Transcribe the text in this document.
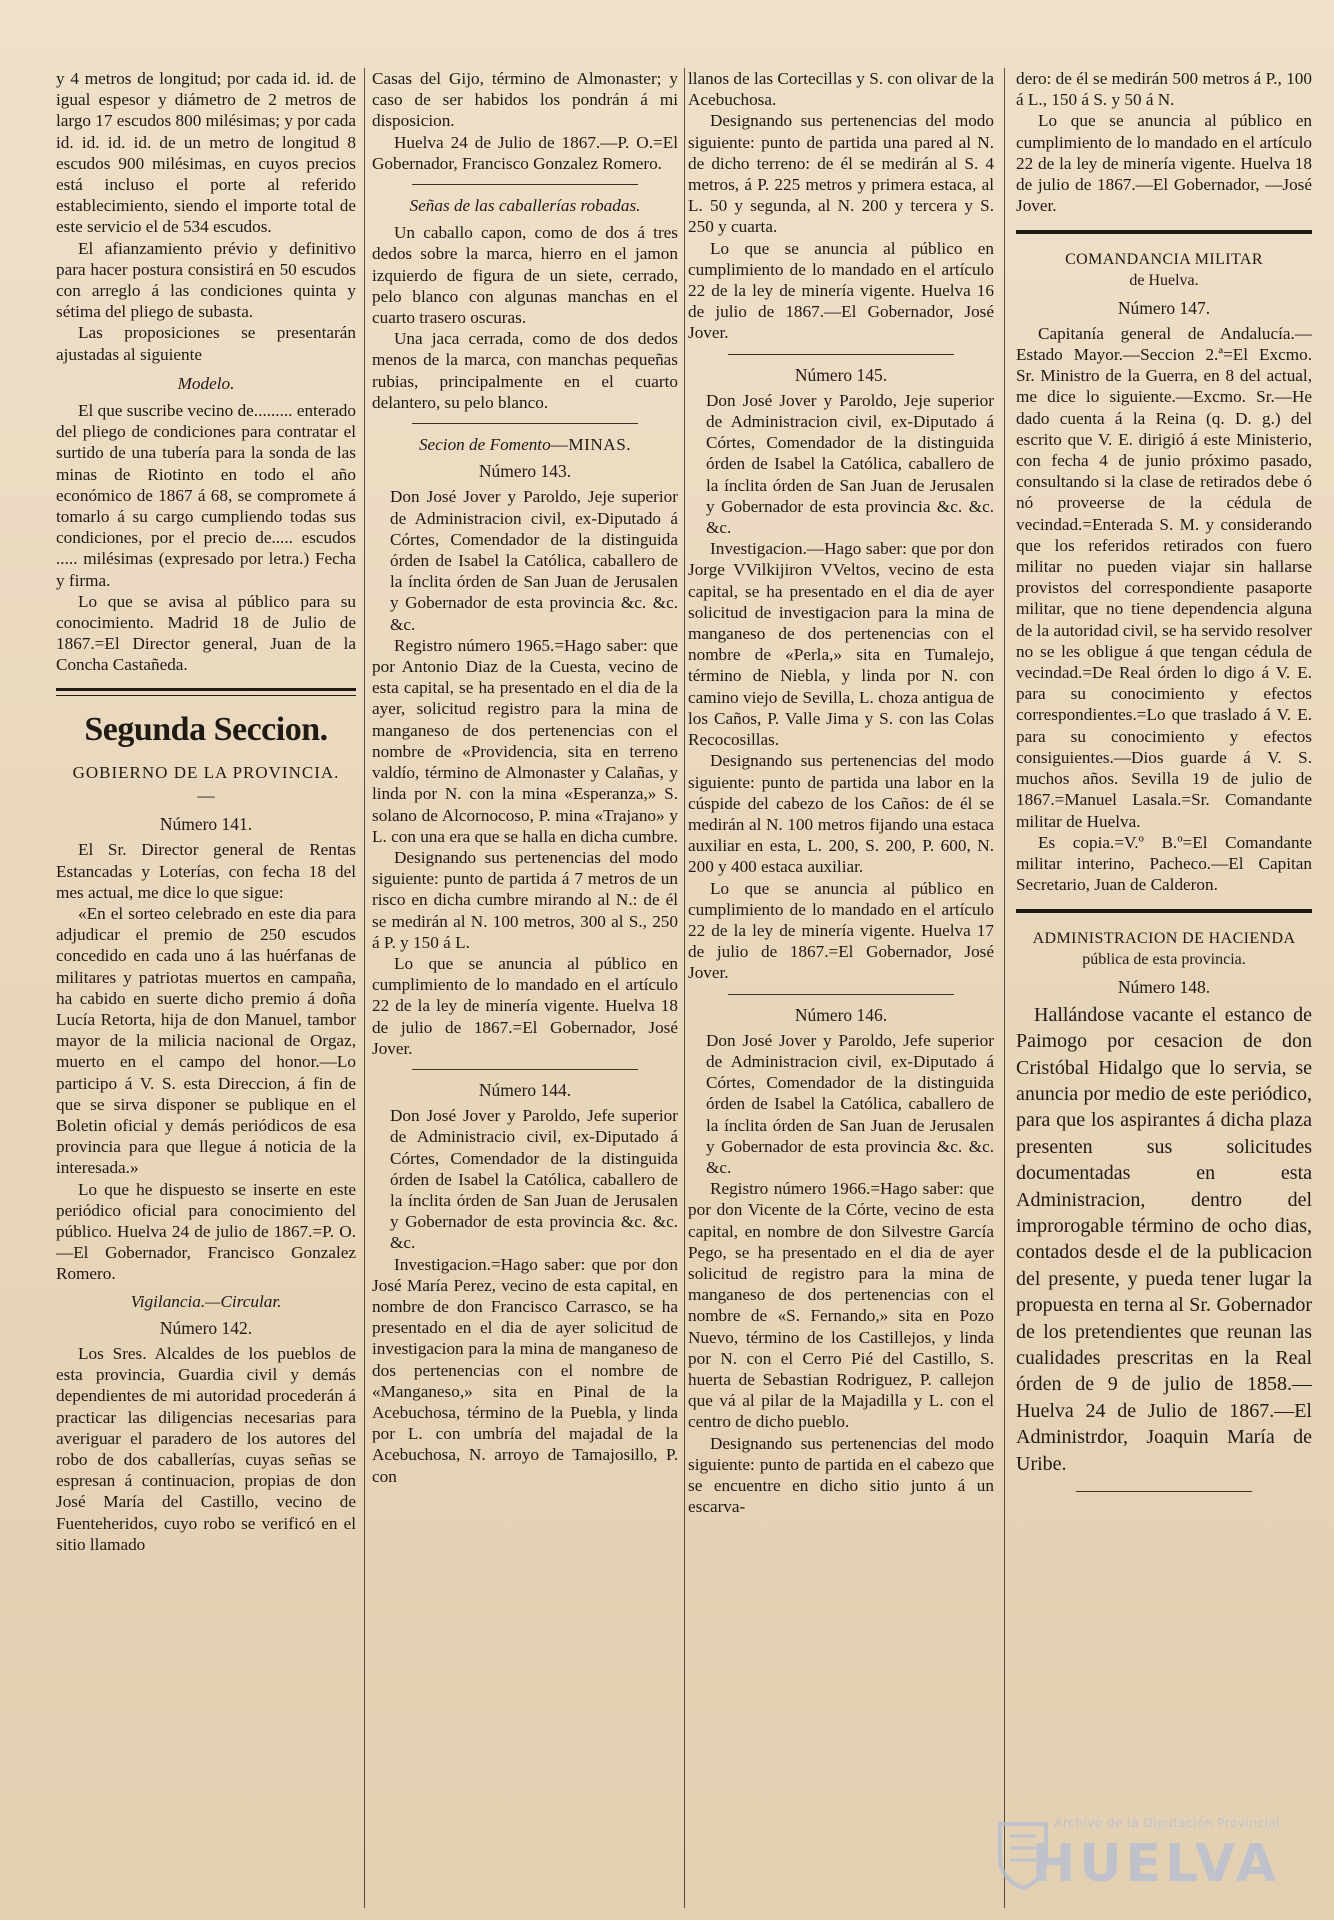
y 4 metros de longitud; por cada id. id. de igual espesor y diámetro de 2 metros de largo 17 escudos 800 milésimas; y por cada id. id. id. id. de un metro de longitud 8 escudos 900 milésimas, en cuyos precios está incluso el porte al referido establecimiento, siendo el importe total de este servicio el de 534 escudos.

El afianzamiento prévio y definitivo para hacer postura consistirá en 50 escudos con arreglo á las condiciones quinta y sétima del pliego de subasta.

Las proposiciones se presentarán ajustadas al siguiente

Modelo.

El que suscribe vecino de......... enterado del pliego de condiciones para contratar el surtido de una tubería para la sonda de las minas de Riotinto en todo el año económico de 1867 á 68, se compromete á tomarlo á su cargo cumpliendo todas sus condiciones, por el precio de..... escudos ..... milésimas (expresado por letra.) Fecha y firma.

Lo que se avisa al público para su conocimiento. Madrid 18 de Julio de 1867.=El Director general, Juan de la Concha Castañeda.

Segunda Seccion.

GOBIERNO DE LA PROVINCIA.

—

Número 141.

El Sr. Director general de Rentas Estancadas y Loterías, con fecha 18 del mes actual, me dice lo que sigue:

«En el sorteo celebrado en este dia para adjudicar el premio de 250 escudos concedido en cada uno á las huérfanas de militares y patriotas muertos en campaña, ha cabido en suerte dicho premio á doña Lucía Retorta, hija de don Manuel, tambor mayor de la milicia nacional de Orgaz, muerto en el campo del honor.—Lo participo á V. S. esta Direccion, á fin de que se sirva disponer se publique en el Boletin oficial y demás periódicos de esa provincia para que llegue á noticia de la interesada.»

Lo que he dispuesto se inserte en este periódico oficial para conocimiento del público. Huelva 24 de julio de 1867.=P. O.—El Gobernador, Francisco Gonzalez Romero.

Vigilancia.—Circular.

Número 142.

Los Sres. Alcaldes de los pueblos de esta provincia, Guardia civil y demás dependientes de mi autoridad procederán á practicar las diligencias necesarias para averiguar el paradero de los autores del robo de dos caballerías, cuyas señas se espresan á continuacion, propias de don José María del Castillo, vecino de Fuenteheridos, cuyo robo se verificó en el sitio llamado

Casas del Gijo, término de Almonaster; y caso de ser habidos los pondrán á mi disposicion.

Huelva 24 de Julio de 1867.—P. O.=El Gobernador, Francisco Gonzalez Romero.

Señas de las caballerías robadas.

Un caballo capon, como de dos á tres dedos sobre la marca, hierro en el jamon izquierdo de figura de un siete, cerrado, pelo blanco con algunas manchas en el cuarto trasero oscuras.

Una jaca cerrada, como de dos dedos menos de la marca, con manchas pequeñas rubias, principalmente en el cuarto delantero, su pelo blanco.

Secion de Fomento—MINAS.

Número 143.

Don José Jover y Paroldo, Jeje superior de Administracion civil, ex-Diputado á Córtes, Comendador de la distinguida órden de Isabel la Católica, caballero de la ínclita órden de San Juan de Jerusalen y Gobernador de esta provincia &c. &c. &c.

Registro número 1965.=Hago saber: que por Antonio Diaz de la Cuesta, vecino de esta capital, se ha presentado en el dia de la ayer, solicitud registro para la mina de manganeso de dos pertenencias con el nombre de «Providencia, sita en terreno valdío, término de Almonaster y Calañas, y linda por N. con la mina «Esperanza,» S. solano de Alcornocoso, P. mina «Trajano» y L. con una era que se halla en dicha cumbre.

Designando sus pertenencias del modo siguiente: punto de partida á 7 metros de un risco en dicha cumbre mirando al N.: de él se medirán al N. 100 metros, 300 al S., 250 á P. y 150 á L.

Lo que se anuncia al público en cumplimiento de lo mandado en el artículo 22 de la ley de minería vigente. Huelva 18 de julio de 1867.=El Gobernador, José Jover.

Número 144.

Don José Jover y Paroldo, Jefe superior de Administracio civil, ex-Diputado á Córtes, Comendador de la distinguida órden de Isabel la Católica, caballero de la ínclita órden de San Juan de Jerusalen y Gobernador de esta provincia &c. &c. &c.

Investigacion.=Hago saber: que por don José María Perez, vecino de esta capital, en nombre de don Francisco Carrasco, se ha presentado en el dia de ayer solicitud de investigacion para la mina de manganeso de dos pertenencias con el nombre de «Manganeso,» sita en Pinal de la Acebuchosa, término de la Puebla, y linda por L. con umbría del majadal de la Acebuchosa, N. arroyo de Tamajosillo, P. con

llanos de las Cortecillas y S. con olivar de la Acebuchosa.

Designando sus pertenencias del modo siguiente: punto de partida una pared al N. de dicho terreno: de él se medirán al S. 4 metros, á P. 225 metros y primera estaca, al L. 50 y segunda, al N. 200 y tercera y S. 250 y cuarta.

Lo que se anuncia al público en cumplimiento de lo mandado en el artículo 22 de la ley de minería vigente. Huelva 16 de julio de 1867.—El Gobernador, José Jover.

Número 145.

Don José Jover y Paroldo, Jeje superior de Administracion civil, ex-Diputado á Córtes, Comendador de la distinguida órden de Isabel la Católica, caballero de la ínclita órden de San Juan de Jerusalen y Gobernador de esta provincia &c. &c. &c.

Investigacion.—Hago saber: que por don Jorge VVilkijiron VVeltos, vecino de esta capital, se ha presentado en el dia de ayer solicitud de investigacion para la mina de manganeso de dos pertenencias con el nombre de «Perla,» sita en Tumalejo, término de Niebla, y linda por N. con camino viejo de Sevilla, L. choza antigua de los Caños, P. Valle Jima y S. con las Colas Recocosillas.

Designando sus pertenencias del modo siguiente: punto de partida una labor en la cúspide del cabezo de los Caños: de él se medirán al N. 100 metros fijando una estaca auxiliar en esta, L. 200, S. 200, P. 600, N. 200 y 400 estaca auxiliar.

Lo que se anuncia al público en cumplimiento de lo mandado en el artículo 22 de la ley de minería vigente. Huelva 17 de julio de 1867.=El Gobernador, José Jover.

Número 146.

Don José Jover y Paroldo, Jefe superior de Administracion civil, ex-Diputado á Córtes, Comendador de la distinguida órden de Isabel la Católica, caballero de la ínclita órden de San Juan de Jerusalen y Gobernador de esta provincia &c. &c. &c.

Registro número 1966.=Hago saber: que por don Vicente de la Córte, vecino de esta capital, en nombre de don Silvestre García Pego, se ha presentado en el dia de ayer solicitud de registro para la mina de manganeso de dos pertenencias con el nombre de «S. Fernando,» sita en Pozo Nuevo, término de los Castillejos, y linda por N. con el Cerro Pié del Castillo, S. huerta de Sebastian Rodriguez, P. callejon que vá al pilar de la Majadilla y L. con el centro de dicho pueblo.

Designando sus pertenencias del modo siguiente: punto de partida en el cabezo que se encuentre en dicho sitio junto á un escarva-

dero: de él se medirán 500 metros á P., 100 á L., 150 á S. y 50 á N.

Lo que se anuncia al público en cumplimiento de lo mandado en el artículo 22 de la ley de minería vigente. Huelva 18 de julio de 1867.—El Gobernador, —José Jover.

COMANDANCIA MILITAR

de Huelva.

Número 147.

Capitanía general de Andalucía.—Estado Mayor.—Seccion 2.ª=El Excmo. Sr. Ministro de la Guerra, en 8 del actual, me dice lo siguiente.—Excmo. Sr.—He dado cuenta á la Reina (q. D. g.) del escrito que V. E. dirigió á este Ministerio, con fecha 4 de junio próximo pasado, consultando si la clase de retirados debe ó nó proveerse de la cédula de vecindad.=Enterada S. M. y considerando que los referidos retirados con fuero militar no pueden viajar sin hallarse provistos del correspondiente pasaporte militar, que no tiene dependencia alguna de la autoridad civil, se ha servido resolver no se les obligue á que tengan cédula de vecindad.=De Real órden lo digo á V. E. para su conocimiento y efectos correspondientes.=Lo que traslado á V. E. para su conocimiento y efectos consiguientes.—Dios guarde á V. S. muchos años. Sevilla 19 de julio de 1867.=Manuel Lasala.=Sr. Comandante militar de Huelva.

Es copia.=V.º B.º=El Comandante militar interino, Pacheco.—El Capitan Secretario, Juan de Calderon.

ADMINISTRACION DE HACIENDA

pública de esta provincia.

Número 148.

Hallándose vacante el estanco de Paimogo por cesacion de don Cristóbal Hidalgo que lo servia, se anuncia por medio de este periódico, para que los aspirantes á dicha plaza presenten sus solicitudes documentadas en esta Administracion, dentro del improrogable término de ocho dias, contados desde el de la publicacion del presente, y pueda tener lugar la propuesta en terna al Sr. Gobernador de los pretendientes que reunan las cualidades prescritas en la Real órden de 9 de julio de 1858.—Huelva 24 de Julio de 1867.—El Administrdor, Joaquin María de Uribe.

Archivo de la Diputación Provincial
HUELVA
